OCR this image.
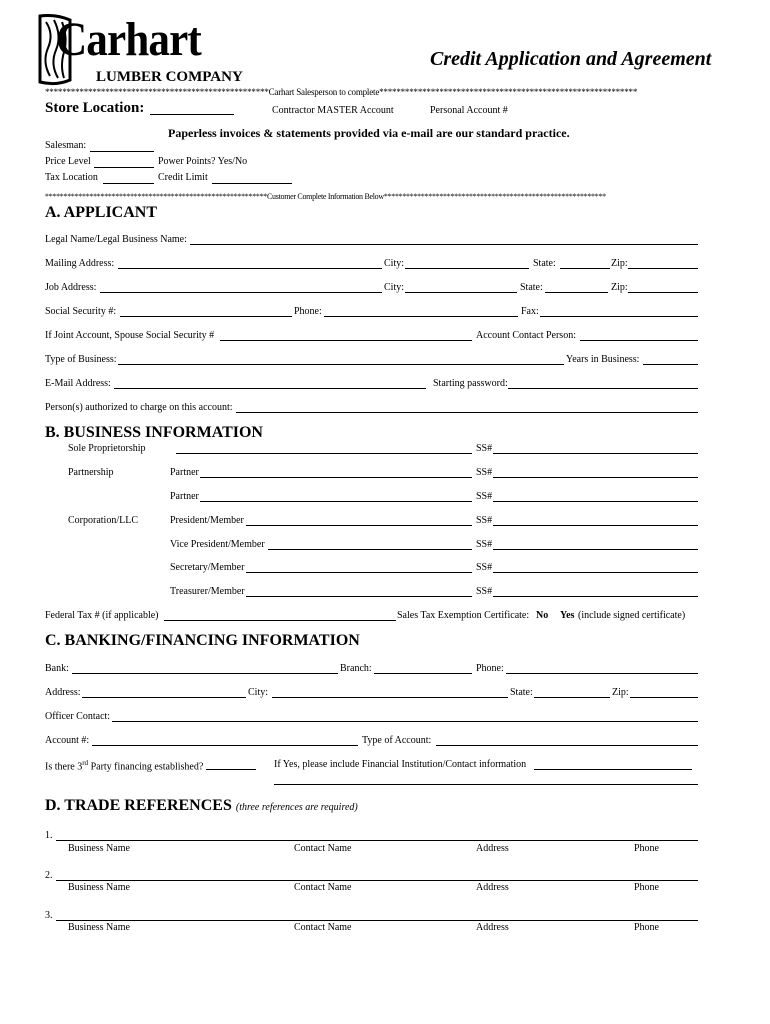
Carhart
LUMBER COMPANY
Credit Application and Agreement
****************************************************Carhart Salesperson to complete************************************************************
Store Location:	Contractor MASTER Account	Personal Account #
Paperless invoices & statements provided via e-mail are our standard practice.
Salesman:
Price Level	Power Points? Yes/No
Tax Location	Credit Limit
************************************************************Customer Complete Information Below************************************************************
A. APPLICANT
Legal Name/Legal Business Name:
Mailing Address:	City:	State:	Zip:
Job Address:	City:	State:	Zip:
Social Security #:	Phone:	Fax:
If Joint Account, Spouse Social Security #	Account Contact Person:
Type of Business:	Years in Business:
E-Mail Address:	Starting password:
Person(s) authorized to charge on this account:
B. BUSINESS INFORMATION
Sole Proprietorship	SS#
Partnership	Partner	SS#
Partner	SS#
Corporation/LLC	President/Member	SS#
Vice President/Member	SS#
Secretary/Member	SS#
Treasurer/Member	SS#
Federal Tax # (if applicable)	Sales Tax Exemption Certificate: No Yes (include signed certificate)
C. BANKING/FINANCING INFORMATION
Bank:	Branch:	Phone:
Address:	City:	State:	Zip:
Officer Contact:
Account #:	Type of Account:
Is there 3rd Party financing established?	If Yes, please include Financial Institution/Contact information
D. TRADE REFERENCES (three references are required)
1.
Business Name	Contact Name	Address	Phone
2.
Business Name	Contact Name	Address	Phone
3.
Business Name	Contact Name	Address	Phone
